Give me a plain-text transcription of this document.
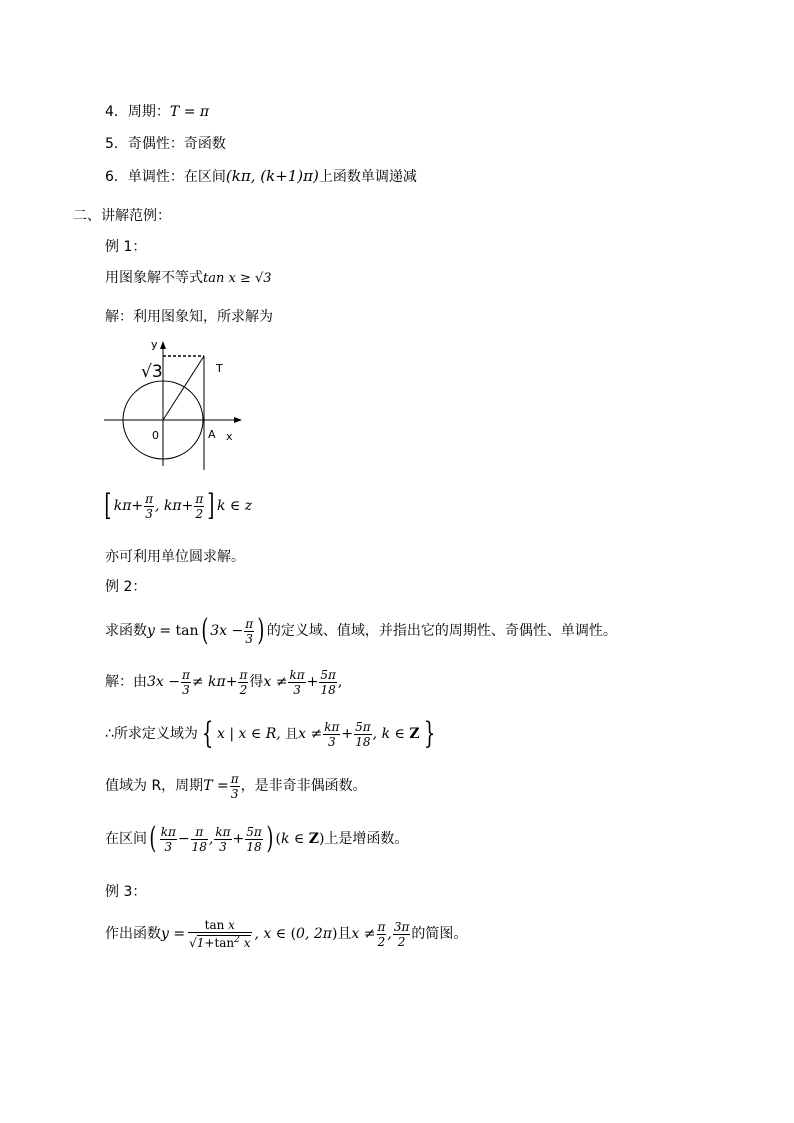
4．周期：T = π
5．奇偶性：奇函数
6．单调性：在区间(kπ, (k+1)π)上函数单调递减
二、讲解范例：
例 1：
用图象解不等式tan x ≥ √3
解：利用图象知，所求解为
y
√3	T
0	A x
[ $k\pi+ \frac{\pi}{3}$ , $k\pi+ \frac{\pi}{2}$ ] k ∈ z
亦可利用单位圆求解。
例 2：
求函数y = tan( $3x - \frac{\pi}{3}$ ) 的定义域、值域，并指出它的周期性、奇偶性、单调性。
解：由$3x - \frac{\pi}{3} \ne k\pi+ \frac{\pi}{2}$ 得$x \ne \frac{k\pi}{3} + \frac{5\pi}{18}$ ,
∴所求定义域为 { x | x ∈ R, 且$x \ne \frac{k\pi}{3} + \frac{5\pi}{18}$ , k ∈ Z }
值域为 R，周期$T = \frac{\pi}{3}$ ，是非奇非偶函数。
在区间( $\frac{k\pi}{3} - \frac{\pi}{18}$ , $\frac{k\pi}{3} + \frac{5\pi}{18}$ ) (k ∈ Z)上是增函数。
例 3：
作出函数$y = \frac{\text{tan x}}{√1+\tan^2 x}$ , x ∈ (0, 2π)且$x \ne \frac{\pi}{2}$ , $\frac{3\pi}{2}$ 的简图。
